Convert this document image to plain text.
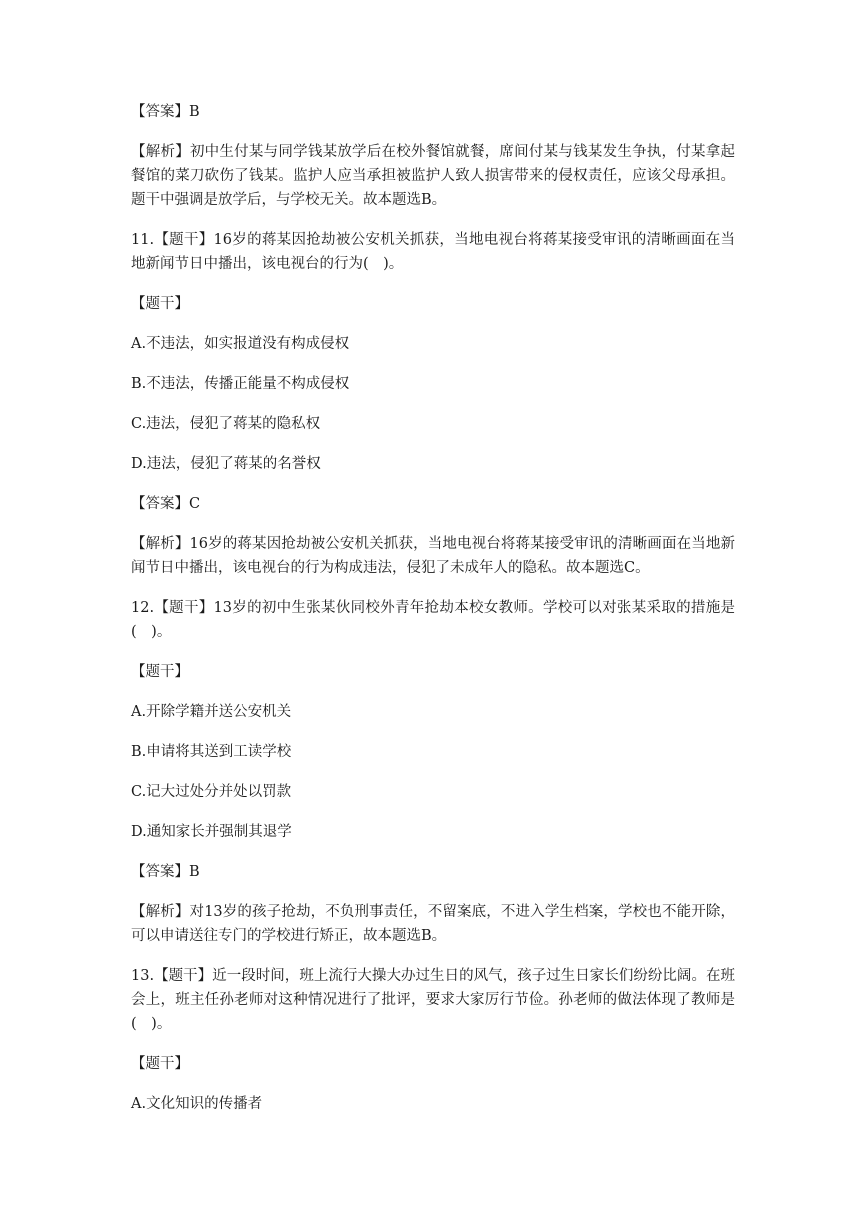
【答案】B

【解析】初中生付某与同学钱某放学后在校外餐馆就餐，席间付某与钱某发生争执，付某拿起餐馆的菜刀砍伤了钱某。监护人应当承担被监护人致人损害带来的侵权责任，应该父母承担。题干中强调是放学后，与学校无关。故本题选B。

11.【题干】16岁的蒋某因抢劫被公安机关抓获，当地电视台将蒋某接受审讯的清晰画面在当地新闻节日中播出，该电视台的行为(　)。

【题干】

A.不违法，如实报道没有构成侵权

B.不违法，传播正能量不构成侵权

C.违法，侵犯了蒋某的隐私权

D.违法，侵犯了蒋某的名誉权

【答案】C

【解析】16岁的蒋某因抢劫被公安机关抓获，当地电视台将蒋某接受审讯的清晰画面在当地新闻节日中播出，该电视台的行为构成违法，侵犯了未成年人的隐私。故本题选C。

12.【题干】13岁的初中生张某伙同校外青年抢劫本校女教师。学校可以对张某采取的措施是(　)。

【题干】

A.开除学籍并送公安机关

B.申请将其送到工读学校

C.记大过处分并处以罚款

D.通知家长并强制其退学

【答案】B

【解析】对13岁的孩子抢劫，不负刑事责任，不留案底，不进入学生档案，学校也不能开除，可以申请送往专门的学校进行矫正，故本题选B。

13.【题干】近一段时间，班上流行大操大办过生日的风气，孩子过生日家长们纷纷比阔。在班会上，班主任孙老师对这种情况进行了批评，要求大家厉行节俭。孙老师的做法体现了教师是(　)。

【题干】

A.文化知识的传播者
